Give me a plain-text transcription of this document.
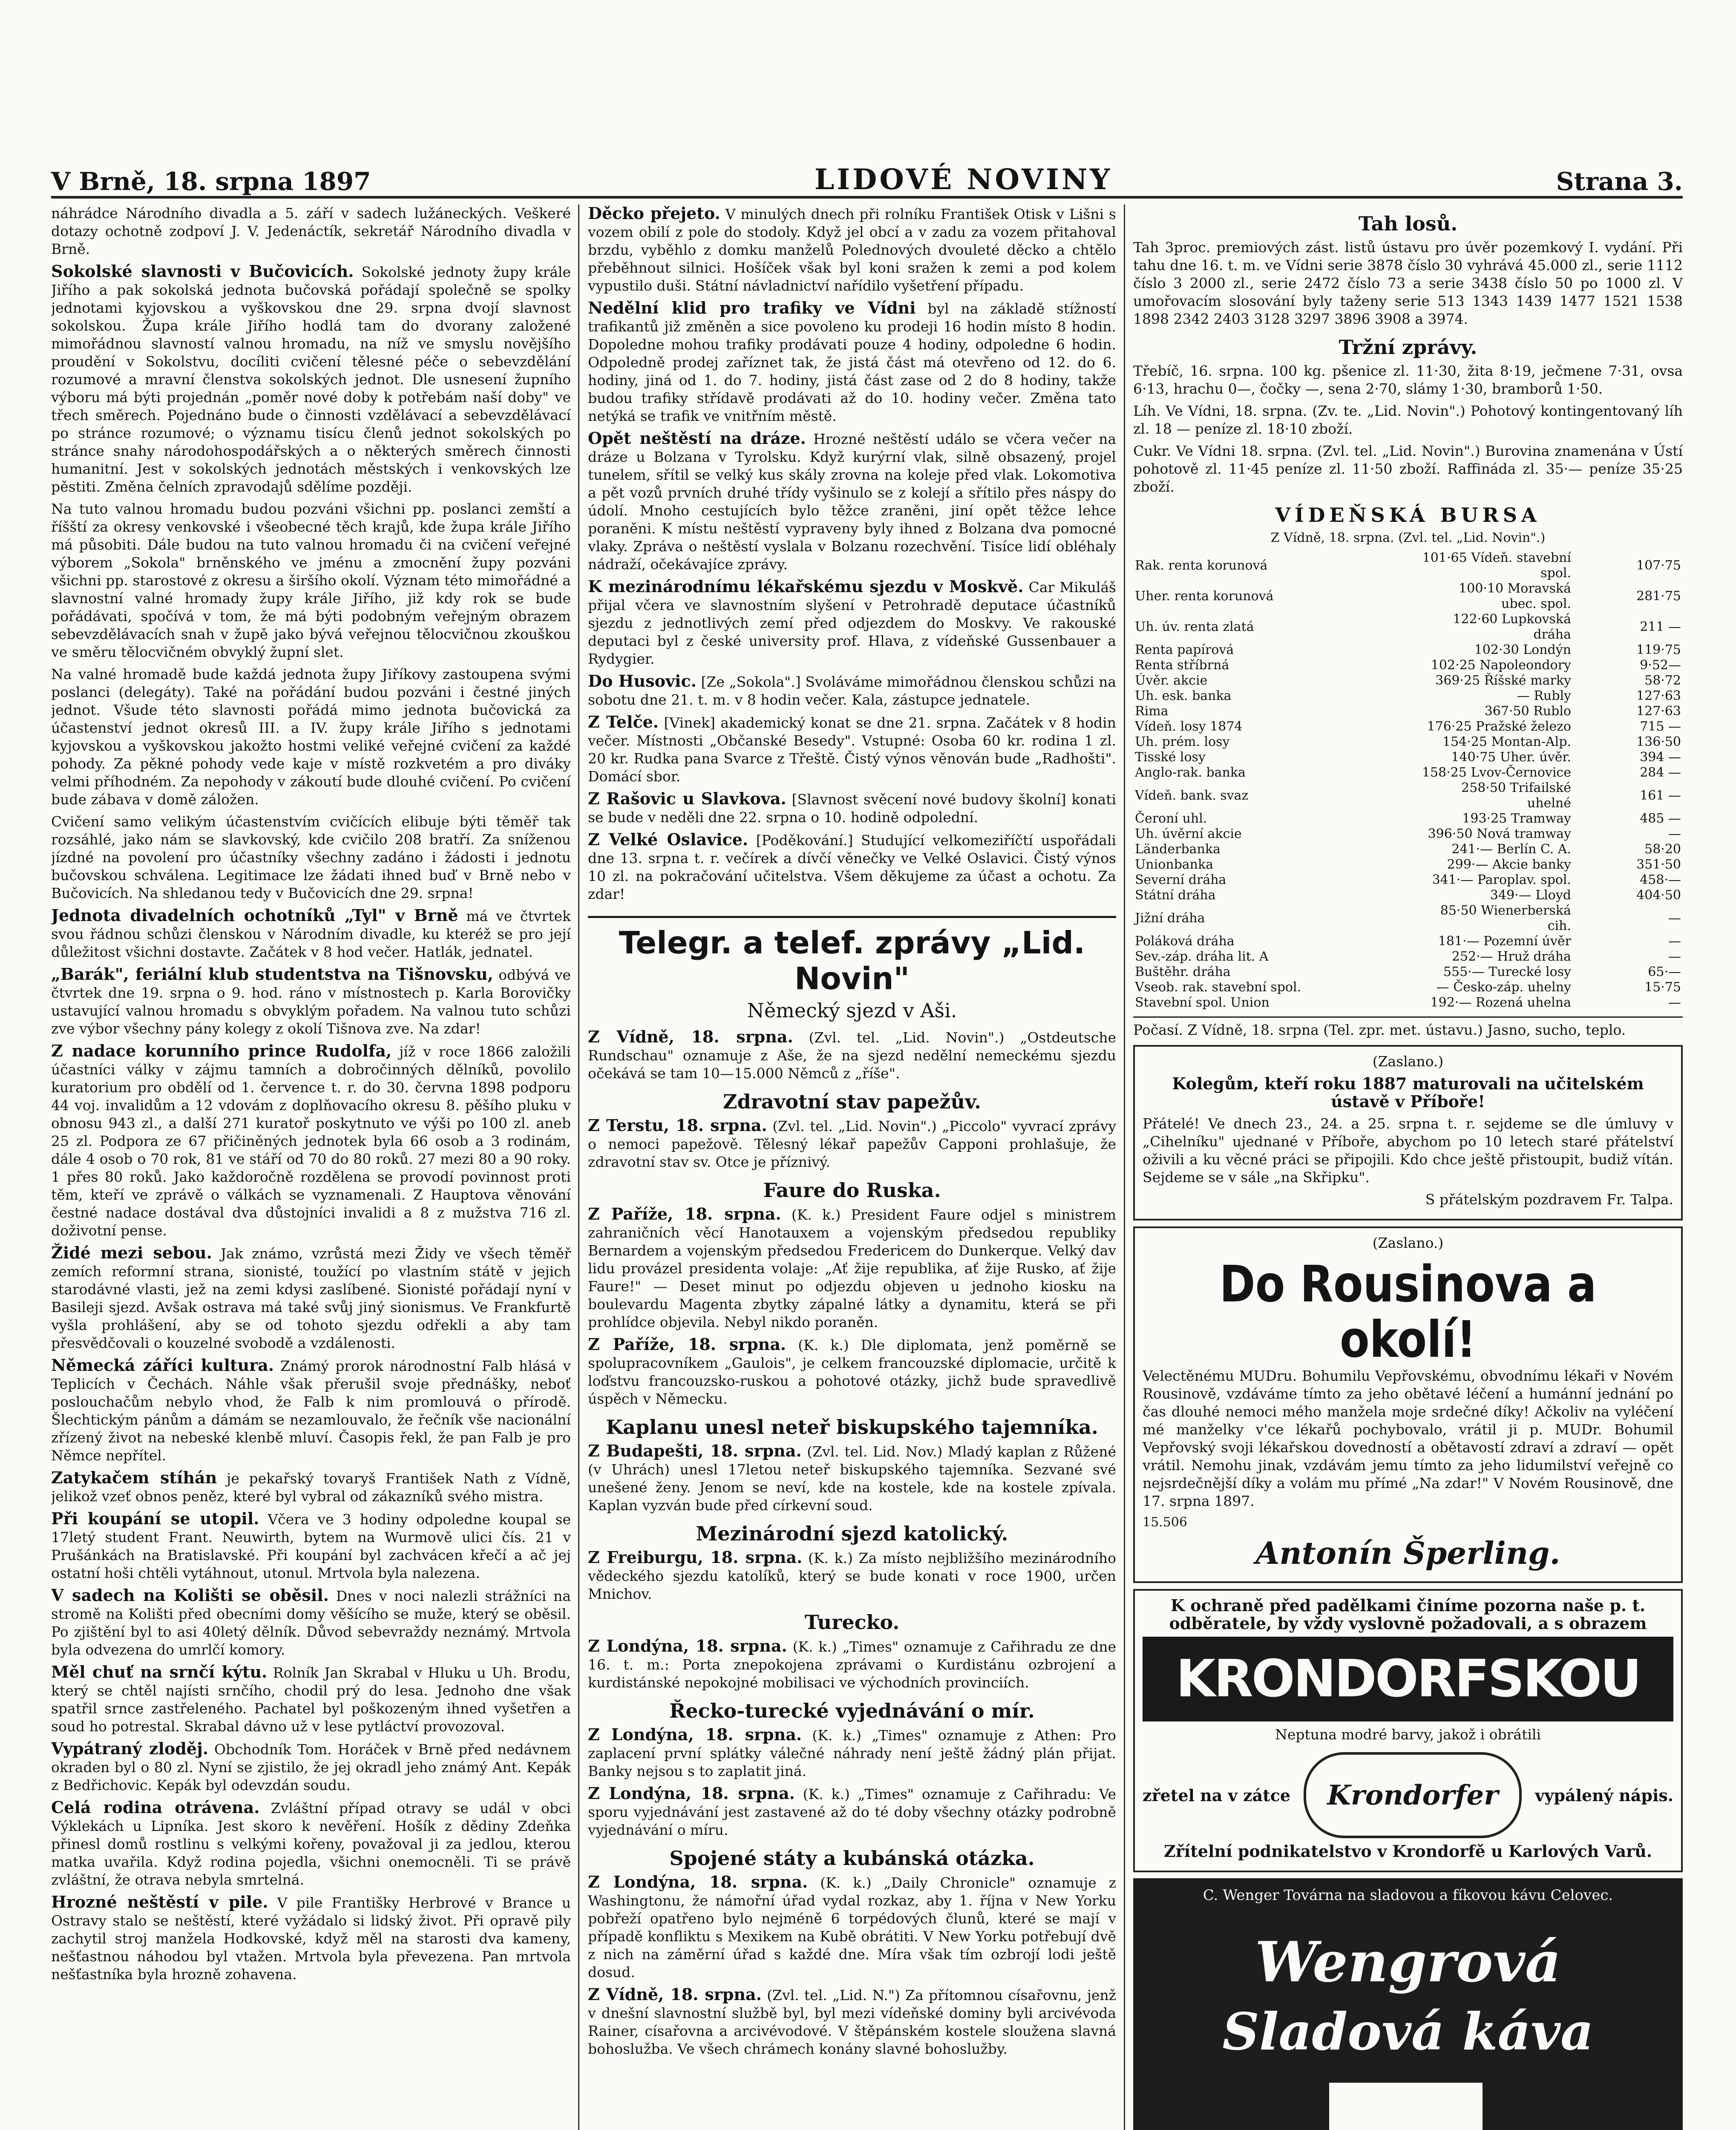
V Brně, 18. srpna 1897	LIDOVÉ NOVINY	Strana 3.

náhrádce Národního divadla a 5. září v sadech lužáneckých. Veškeré dotazy ochotně zodpoví J. V. Jedenáctík, sekretář Národního divadla v Brně.

Sokolské slavnosti v Bučovicích. Sokolské jednoty župy krále Jiřího a pak sokolská jednota bučovská pořádají společně se spolky jednotami kyjovskou a vyškovskou dne 29. srpna dvojí slavnost sokolskou. Župa krále Jiřího hodlá tam do dvorany založené mimořádnou slavností valnou hromadu, na níž ve smyslu novějšího proudění v Sokolstvu, docíliti cvičení tělesné péče o sebevzdělání rozumové a mravní členstva sokolských jednot. Dle usnesení župního výboru má býti projednán „poměr nové doby k potřebám naší doby" ve třech směrech. Pojednáno bude o činnosti vzdělávací a sebevzdělávací po stránce rozumové; o významu tisícu členů jednot sokolských po stránce snahy národohospodářských a o některých směrech činnosti humanitní. Jest v sokolských jednotách městských i venkovských lze pěstiti. Změna čelních zpravodajů sdělíme později.

Na tuto valnou hromadu budou pozváni všichni pp. poslanci zemští a říšští za okresy venkovské i všeobecné těch krajů, kde župa krále Jiřího má působiti. Dále budou na tuto valnou hromadu či na cvičení veřejné výborem „Sokola" brněnského ve jménu a zmocnění župy pozváni všichni pp. starostové z okresu a širšího okolí. Význam této mimořádné a slavnostní valné hromady župy krále Jiřího, již kdy rok se bude pořádávati, spočívá v tom, že má býti podobným veřejným obrazem sebevzdělávacích snah v župě jako bývá veřejnou tělocvičnou zkouškou ve směru tělocvičném obvyklý župní slet.

Na valné hromadě bude každá jednota župy Jiříkovy zastoupena svými poslanci (delegáty). Také na pořádání budou pozváni i čestné jiných jednot. Všude této slavnosti pořádá mimo jednota bučovická za účastenství jednot okresů III. a IV. župy krále Jiřího s jednotami kyjovskou a vyškovskou jakožto hostmi veliké veřejné cvičení za každé pohody. Za pěkné pohody vede kaje v místě rozkvetém a pro diváky velmi příhodném. Za nepohody v zákoutí bude dlouhé cvičení. Po cvičení bude zábava v domě záložen.

Cvičení samo velikým účastenstvím cvičících elibuje býti těměř tak rozsáhlé, jako nám se slavkovský, kde cvičilo 208 bratří. Za sníženou jízdné na povolení pro účastníky všechny zadáno i žádosti i jednotu bučovskou schválena. Legitimace lze žádati ihned buď v Brně nebo v Bučovicích. Na shledanou tedy v Bučovicích dne 29. srpna!

Jednota divadelních ochotníků „Tyl" v Brně má ve čtvrtek svou řádnou schůzi členskou v Národním divadle, ku kteréž se pro její důležitost všichni dostavte. Začátek v 8 hod večer. Hatlák, jednatel.

„Barák", feriální klub studentstva na Tišnovsku, odbývá ve čtvrtek dne 19. srpna o 9. hod. ráno v místnostech p. Karla Borovičky ustavující valnou hromadu s obvyklým pořadem. Na valnou tuto schůzi zve výbor všechny pány kolegy z okolí Tišnova zve. Na zdar!

Z nadace korunního prince Rudolfa, jíž v roce 1866 založili účastníci války v zájmu tamních a dobročinných dělníků, povolilo kuratorium pro obdělí od 1. července t. r. do 30. června 1898 podporu 44 voj. invalidům a 12 vdovám z doplňovacího okresu 8. pěšího pluku v obnosu 943 zl., a další 271 kuratoř poskytnuto ve výši po 100 zl. aneb 25 zl. Podpora ze 67 přičiněných jednotek byla 66 osob a 3 rodinám, dále 4 osob o 70 rok, 81 ve stáří od 70 do 80 roků. 27 mezi 80 a 90 roky. 1 přes 80 roků. Jako každoročně rozdělena se provodí povinnost proti těm, kteří ve zprávě o válkách se vyznamenali. Z Hauptova věnování čestné nadace dostával dva důstojníci invalidi a 8 z mužstva 716 zl. doživotní pense.

Židé mezi sebou. Jak známo, vzrůstá mezi Židy ve všech těměř zemích reformní strana, sionisté, toužící po vlastním státě v jejich starodávné vlasti, jež na zemi kdysi zaslíbené. Sionisté pořádají nyní v Basileji sjezd. Avšak ostrava má také svůj jiný sionismus. Ve Frankfurtě vyšla prohlášení, aby se od tohoto sjezdu odřekli a aby tam přesvědčovali o kouzelné svobodě a vzdálenosti.

Německá záříci kultura. Známý prorok národnostní Falb hlásá v Teplicích v Čechách. Náhle však přerušil svoje přednášky, neboť poslouchačům nebylo vhod, že Falb k nim promlouvá o přírodě. Šlechtickým pánům a dámám se nezamlouvalo, že řečník vše nacionální zřízený život na nebeské klenbě mluví. Časopis řekl, že pan Falb je pro Němce nepřítel.

Zatykačem stíhán je pekařský tovaryš František Nath z Vídně, jelikož vzeť obnos peněz, které byl vybral od zákazníků svého mistra.

Při koupání se utopil. Včera ve 3 hodiny odpoledne koupal se 17letý student Frant. Neuwirth, bytem na Wurmově ulici čís. 21 v Prušánkách na Bratislavské. Při koupání byl zachvácen křečí a ač jej ostatní hoši chtěli vytáhnout, utonul. Mrtvola byla nalezena.

V sadech na Kolišti se oběsil. Dnes v noci nalezli strážníci na stromě na Kolišti před obecními domy věšícího se muže, který se oběsil. Po zjištění byl to asi 40letý dělník. Důvod sebevraždy neznámý. Mrtvola byla odvezena do umrlčí komory.

Měl chuť na srnčí kýtu. Rolník Jan Skrabal v Hluku u Uh. Brodu, který se chtěl najísti srnčího, chodil prý do lesa. Jednoho dne však spatřil srnce zastřeleného. Pachatel byl poškozeným ihned vyšetřen a soud ho potrestal. Skrabal dávno už v lese pytláctví provozoval.

Vypátraný zloděj. Obchodník Tom. Horáček v Brně před nedávnem okraden byl o 80 zl. Nyní se zjistilo, že jej okradl jeho známý Ant. Kepák z Bedřichovic. Kepák byl odevzdán soudu.

Celá rodina otrávena. Zvláštní případ otravy se udál v obci Výklekách u Lipníka. Jest skoro k nevěření. Hošík z dědiny Zdeňka přinesl domů rostlinu s velkými kořeny, považoval ji za jedlou, kterou matka uvařila. Když rodina pojedla, všichni onemocněli. Ti se právě zvláštní, že otrava nebyla smrtelná.

Hrozné neštěstí v pile. V pile Františky Herbrové v Brance u Ostravy stalo se neštěstí, které vyžádalo si lidský život. Při opravě pily zachytil stroj manžela Hodkovské, když měl na starosti dva kameny, nešťastnou náhodou byl vtažen. Mrtvola byla převezena. Pan mrtvola nešťastníka byla hrozně zohavena.

Děcko přejeto. V minulých dnech při rolníku František Otisk v Lišni s vozem obilí z pole do stodoly. Když jel obcí a v zadu za vozem přitahoval brzdu, vyběhlo z domku manželů Polednových dvouleté děcko a chtělo přeběhnout silnici. Hošíček však byl koni sražen k zemi a pod kolem vypustilo duši. Státní návladnictví nařídilo vyšetření případu.

Nedělní klid pro trafiky ve Vídni byl na základě stížností trafikantů již změněn a sice povoleno ku prodeji 16 hodin místo 8 hodin. Dopoledne mohou trafiky prodávati pouze 4 hodiny, odpoledne 6 hodin. Odpoledně prodej zaříznet tak, že jistá část má otevřeno od 12. do 6. hodiny, jiná od 1. do 7. hodiny, jistá část zase od 2 do 8 hodiny, takže budou trafiky střídavě prodávati až do 10. hodiny večer. Změna tato netýká se trafik ve vnitřním městě.

Opět neštěstí na dráze. Hrozné neštěstí událo se včera večer na dráze u Bolzana v Tyrolsku. Když kurýrní vlak, silně obsazený, projel tunelem, sřítil se velký kus skály zrovna na koleje před vlak. Lokomotiva a pět vozů prvních druhé třídy vyšinulo se z kolejí a sřítilo přes náspy do údolí. Mnoho cestujících bylo těžce zraněni, jiní opět těžce lehce poraněni. K místu neštěstí vypraveny byly ihned z Bolzana dva pomocné vlaky. Zpráva o neštěstí vyslala v Bolzanu rozechvění. Tisíce lidí obléhaly nádraží, očekávajíce zprávy.

K mezinárodnímu lékařskému sjezdu v Moskvě. Car Mikuláš přijal včera ve slavnostním slyšení v Petrohradě deputace účastníků sjezdu z jednotlivých zemí před odjezdem do Moskvy. Ve rakouské deputaci byl z české university prof. Hlava, z vídeňské Gussenbauer a Rydygier.

Do Husovic. [Ze „Sokola".] Svoláváme mimořádnou členskou schůzi na sobotu dne 21. t. m. v 8 hodin večer. Kala, zástupce jednatele.

Z Telče. [Vinek] akademický konat se dne 21. srpna. Začátek v 8 hodin večer. Místnosti „Občanské Besedy". Vstupné: Osoba 60 kr. rodina 1 zl. 20 kr. Rudka pana Svarce z Třeště. Čistý výnos věnován bude „Radhošti". Domácí sbor.

Z Rašovic u Slavkova. [Slavnost svěcení nové budovy školní] konati se bude v neděli dne 22. srpna o 10. hodině odpolední.

Z Velké Oslavice. [Poděkování.] Studující velkomeziříčtí uspořádali dne 13. srpna t. r. večírek a dívčí věnečky ve Velké Oslavici. Čistý výnos 10 zl. na pokračování učitelstva. Všem děkujeme za účast a ochotu. Za zdar!

Telegr. a telef. zprávy „Lid. Novin"
Německý sjezd v Aši.

Z Vídně, 18. srpna. (Zvl. tel. „Lid. Novin".) „Ostdeutsche Rundschau" oznamuje z Aše, že na sjezd nedělní nemeckému sjezdu očekává se tam 10—15.000 Němců z „říše".

Zdravotní stav papežův.

Z Terstu, 18. srpna. (Zvl. tel. „Lid. Novin".) „Piccolo" vyvrací zprávy o nemoci papežově. Tělesný lékař papežův Capponi prohlašuje, že zdravotní stav sv. Otce je příznivý.

Faure do Ruska.

Z Paříže, 18. srpna. (K. k.) President Faure odjel s ministrem zahraničních věcí Hanotauxem a vojenským předsedou republiky Bernardem a vojenským předsedou Fredericem do Dunkerque. Velký dav lidu provázel presidenta volaje: „Ať žije republika, ať žije Rusko, ať žije Faure!" — Deset minut po odjezdu objeven u jednoho kiosku na boulevardu Magenta zbytky zápalné látky a dynamitu, která se při prohlídce objevila. Nebyl nikdo poraněn.

Z Paříže, 18. srpna. (K. k.) Dle diplomata, jenž poměrně se spolupracovníkem „Gaulois", je celkem francouzské diplomacie, určitě k loďstvu francouzsko-ruskou a pohotové otázky, jichž bude spravedlivě úspěch v Německu.

Kaplanu unesl neteř biskupského tajemníka.

Z Budapešti, 18. srpna. (Zvl. tel. Lid. Nov.) Mladý kaplan z Růžené (v Uhrách) unesl 17letou neteř biskupského tajemníka. Sezvané své unešené ženy. Jenom se neví, kde na kostele, kde na kostele zpívala. Kaplan vyzván bude před církevní soud.

Mezinárodní sjezd katolický.

Z Freiburgu, 18. srpna. (K. k.) Za místo nejbližšího mezinárodního vědeckého sjezdu katolíků, který se bude konati v roce 1900, určen Mnichov.

Turecko.

Z Londýna, 18. srpna. (K. k.) „Times" oznamuje z Cařihradu ze dne 16. t. m.: Porta znepokojena zprávami o Kurdistánu ozbrojení a kurdistánské nepokojné mobilisaci ve východních provinciích.

Řecko-turecké vyjednávání o mír.

Z Londýna, 18. srpna. (K. k.) „Times" oznamuje z Athen: Pro zaplacení první splátky válečné náhrady není ještě žádný plán přijat. Banky nejsou s to zaplatit jiná.

Z Londýna, 18. srpna. (K. k.) „Times" oznamuje z Cařihradu: Ve sporu vyjednávání jest zastavené až do té doby všechny otázky podrobně vyjednávání o míru.

Spojené státy a kubánská otázka.

Z Londýna, 18. srpna. (K. k.) „Daily Chronicle" oznamuje z Washingtonu, že námořní úřad vydal rozkaz, aby 1. října v New Yorku pobřeží opatřeno bylo nejméně 6 torpédových člunů, které se mají v případě konfliktu s Mexikem na Kubě obrátiti. V New Yorku potřebují dvě z nich na záměrní úřad s každé dne. Míra však tím ozbrojí lodi ještě dosud.

Z Vídně, 18. srpna. (Zvl. tel. „Lid. N.") Za přítomnou císařovnu, jenž v dnešní slavnostní službě byl, byl mezi vídeňské dominy byli arcivévoda Rainer, císařovna a arcivévodové. V štěpánském kostele sloužena slavná bohoslužba. Ve všech chrámech konány slavné bohoslužby.

Tah losů.

Tah 3proc. premiových zást. listů ústavu pro úvěr pozemkový I. vydání. Při tahu dne 16. t. m. ve Vídni serie 3878 číslo 30 vyhrává 45.000 zl., serie 1112 číslo 3 2000 zl., serie 2472 číslo 73 a serie 3438 číslo 50 po 1000 zl. V umořovacím slosování byly taženy serie 513 1343 1439 1477 1521 1538 1898 2342 2403 3128 3297 3896 3908 a 3974.

Tržní zprávy.

Třebíč, 16. srpna. 100 kg. pšenice zl. 11·30, žita 8·19, ječmene 7·31, ovsa 6·13, hrachu 0—, čočky —, sena 2·70, slámy 1·30, bramborů 1·50.

Líh. Ve Vídni, 18. srpna. (Zv. te. „Lid. Novin".) Pohotový kontingentovaný líh zl. 18 — peníze zl. 18·10 zboží.

Cukr. Ve Vídni 18. srpna. (Zvl. tel. „Lid. Novin".) Burovina znamenána v Ústí pohotově zl. 11·45 peníze zl. 11·50 zboží. Raffináda zl. 35·— peníze 35·25 zboží.

VÍDEŇSKÁ BURSA

Z Vídně, 18. srpna. (Zvl. tel. „Lid. Novin".)

Rak. renta korunová	101·65 Vídeň. stavební spol.	107·75
Uher. renta korunová	100·10 Moravská ubec. spol.	281·75
Uh. úv. renta zlatá	122·60 Lupkovská dráha	211 —
Renta papírová	102·30 Londýn	119·75
Renta stříbrná	102·25 Napoleondory	9·52—
Úvěr. akcie	369·25 Říšské marky	58·72
Uh. esk. banka	— Rubly	127·63
Rima	367·50 Rublo	127·63
Vídeň. losy 1874	176·25 Pražské železo	715 —
Uh. prém. losy	154·25 Montan-Alp.	136·50
Tisské losy	140·75 Uher. úvěr.	394 —
Anglo-rak. banka	158·25 Lvov-Černovice	284 —
Vídeň. bank. svaz	258·50 Trifailské uhelné	161 —
Čeroní uhl.	193·25 Tramway	485 —
Uh. úvěrní akcie	396·50 Nová tramway	—
Länderbanka	241·— Berlín C. A.	58·20
Unionbanka	299·— Akcie banky	351·50
Severní dráha	341·— Paroplav. spol.	458·—
Státní dráha	349·— Lloyd	404·50
Jižní dráha	85·50 Wienerberská cih.	—
Poláková dráha	181·— Pozemní úvěr	—
Sev.-záp. dráha lit. A	252·— Hruž dráha	—
Buštěhr. dráha	555·— Turecké losy	65·—
Vseob. rak. stavební spol.	— Česko-záp. uhelny	15·75
Stavební spol. Union	192·— Rozená uhelna	—

Počasí. Z Vídně, 18. srpna (Tel. zpr. met. ústavu.) Jasno, sucho, teplo.

(Zaslano.)

Kolegům, kteří roku 1887 maturovali na učitelském ústavě v Příboře!

Přátelé! Ve dnech 23., 24. a 25. srpna t. r. sejdeme se dle úmluvy v „Cihelníku" ujednané v Příboře, abychom po 10 letech staré přátelství oživili a ku věcné práci se připojili. Kdo chce ještě přistoupit, budiž vítán. Sejdeme se v sále „na Skřipku".

S přátelským pozdravem Fr. Talpa.

(Zaslano.)

Do Rousinova a okolí!

Velectěnému MUDru. Bohumilu Vepřovskému, obvodnímu lékaři v Novém Rousinově, vzdáváme tímto za jeho obětavé léčení a humánní jednání po čas dlouhé nemoci mého manžela moje srdečné díky! Ačkoliv na vyléčení mé manželky v'ce lékařů pochybovalo, vrátil ji p. MUDr. Bohumil Vepřovský svoji lékařskou dovedností a obětavostí zdraví a zdraví — opět vrátil. Nemohu jinak, vzdávám jemu tímto za jeho lidumilství veřejně co nejsrdečnější díky a volám mu přímé „Na zdar!" V Novém Rousinově, dne 17. srpna 1897.

15.506

Antonín Šperling.

K ochraně před padělkami činíme pozorna naše p. t. odběratele, by vždy vyslovně požadovali, a s obrazem

KRONDORFSKOU

Neptuna modré barvy, jakož i obrátili

zřetel na v zátce	Krondorfer	vypálený nápis.

Zřítelní podnikatelstvo v Krondorfě u Karlových Varů.

C. Wenger Továrna na sladovou a fíkovou kávu Celovec.
Wengrová
Sladová káva
